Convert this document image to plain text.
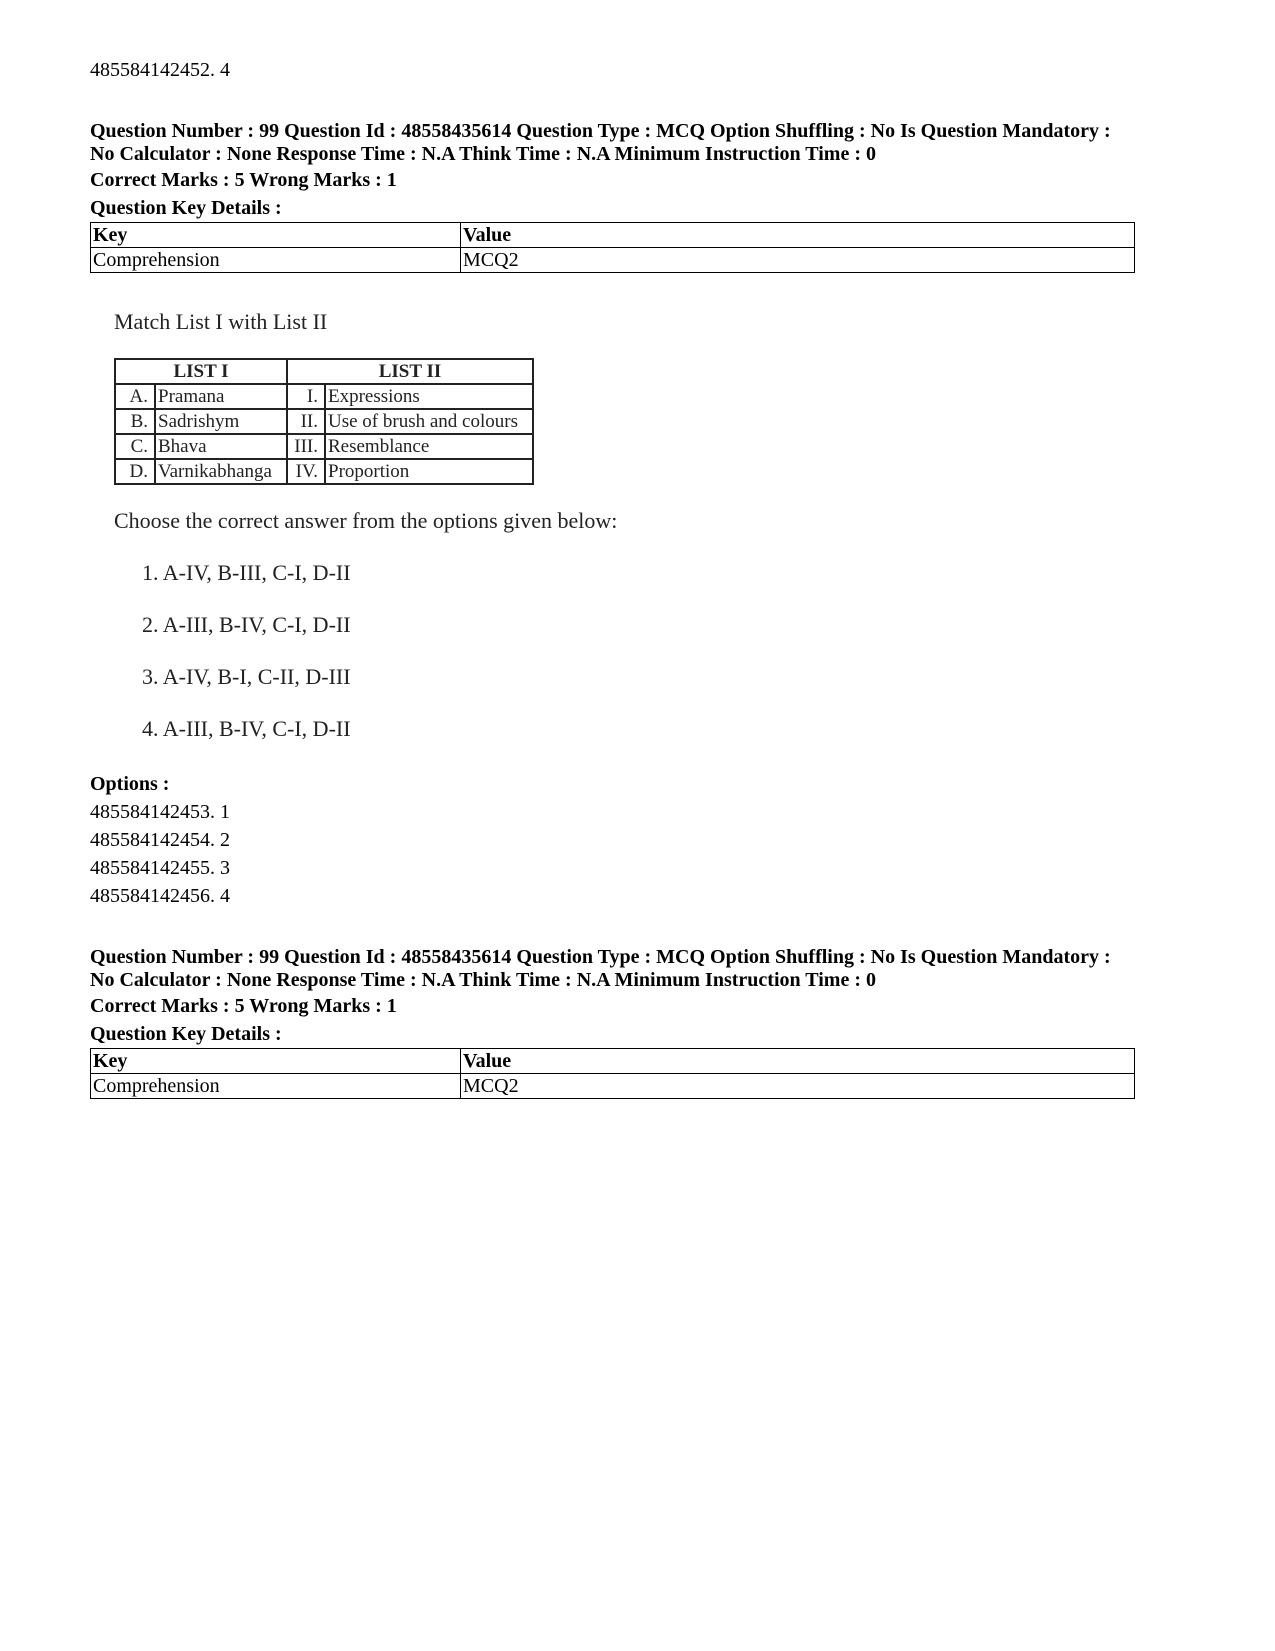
485584142452. 4
Question Number : 99 Question Id : 48558435614 Question Type : MCQ Option Shuffling : No Is Question Mandatory :
No Calculator : None Response Time : N.A Think Time : N.A Minimum Instruction Time : 0
Correct Marks : 5 Wrong Marks : 1
Question Key Details :
Key	Value
Comprehension	MCQ2
Match List I with List II
LIST I		LIST II	
A.	Pramana	I.	Expressions
B.	Sadrishym	II.	Use of brush and colours
C.	Bhava	III.	Resemblance
D.	Varnikabhanga	IV.	Proportion
Choose the correct answer from the options given below:
1. A-IV, B-III, C-I, D-II
2. A-III, B-IV, C-I, D-II
3. A-IV, B-I, C-II, D-III
4. A-III, B-IV, C-I, D-II
Options :
485584142453. 1
485584142454. 2
485584142455. 3
485584142456. 4
Question Number : 99 Question Id : 48558435614 Question Type : MCQ Option Shuffling : No Is Question Mandatory :
No Calculator : None Response Time : N.A Think Time : N.A Minimum Instruction Time : 0
Correct Marks : 5 Wrong Marks : 1
Question Key Details :
Key	Value
Comprehension	MCQ2
